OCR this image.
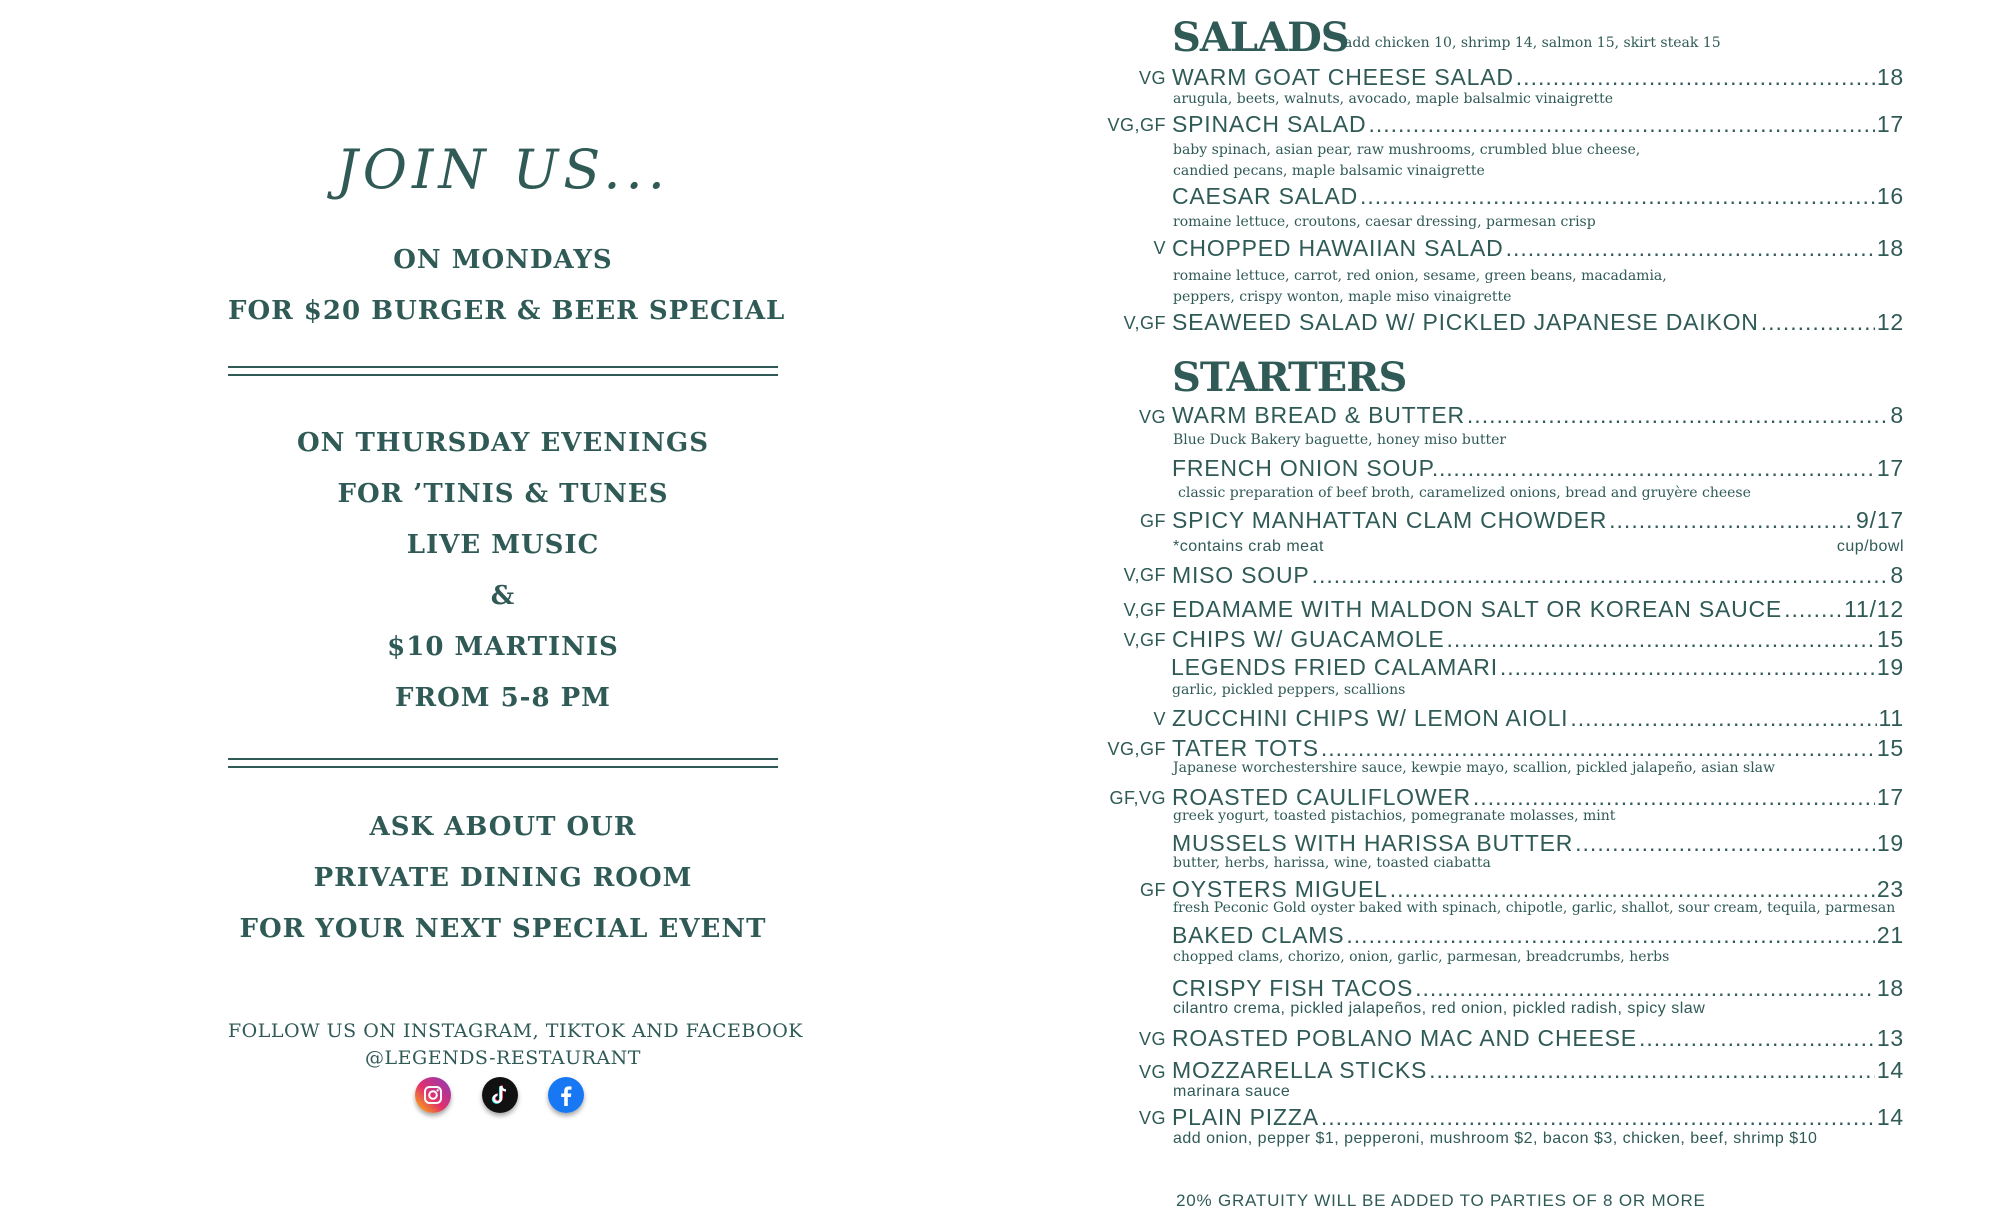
JOIN US...
ON MONDAYS
FOR $20 BURGER & BEER SPECIAL
ON THURSDAY EVENINGS
FOR ’TINIS & TUNES
LIVE MUSIC
&
$10 MARTINIS
FROM 5-8 PM
ASK ABOUT OUR
PRIVATE DINING ROOM
FOR YOUR NEXT SPECIAL EVENT
FOLLOW US ON INSTAGRAM, TIKTOK AND FACEBOOK
@LEGENDS-RESTAURANT
SALADS
add chicken 10, shrimp 14, salmon 15, skirt steak 15
VG WARM GOAT CHEESE SALAD .....	18
arugula, beets, walnuts, avocado, maple balsalmic vinaigrette
VG,GF SPINACH SALAD .....	17
baby spinach, asian pear, raw mushrooms, crumbled blue cheese,
candied pecans, maple balsamic vinaigrette
CAESAR SALAD .....	16
romaine lettuce, croutons, caesar dressing, parmesan crisp
V CHOPPED HAWAIIAN SALAD .....	18
romaine lettuce, carrot, red onion, sesame, green beans, macadamia,
peppers, crispy wonton, maple miso vinaigrette
V,GF SEAWEED SALAD W/ PICKLED JAPANESE DAIKON .....	12
STARTERS
VG WARM BREAD & BUTTER .....	8
Blue Duck Bakery baguette, honey miso butter
FRENCH ONION SOUP............ .....	17
classic preparation of beef broth, caramelized onions, bread and gruyère cheese
GF SPICY MANHATTAN CLAM CHOWDER .....	9/17
*contains crab meat	cup/bowl
V,GF MISO SOUP .....	8
V,GF EDAMAME WITH MALDON SALT OR KOREAN SAUCE .....	11/12
V,GF CHIPS W/ GUACAMOLE .....	15
LEGENDS FRIED CALAMARI .....	19
garlic, pickled peppers, scallions
V ZUCCHINI CHIPS W/ LEMON AIOLI .....	11
VG,GF TATER TOTS .....	15
Japanese worchestershire sauce, kewpie mayo, scallion, pickled jalapeño, asian slaw
GF,VG ROASTED CAULIFLOWER .....	17
greek yogurt, toasted pistachios, pomegranate molasses, mint
MUSSELS WITH HARISSA BUTTER .....	19
butter, herbs, harissa, wine, toasted ciabatta
GF OYSTERS MIGUEL .....	23
fresh Peconic Gold oyster baked with spinach, chipotle, garlic, shallot, sour cream, tequila, parmesan
BAKED CLAMS .....	21
chopped clams, chorizo, onion, garlic, parmesan, breadcrumbs, herbs
CRISPY FISH TACOS .....	18
cilantro crema, pickled jalapeños, red onion, pickled radish, spicy slaw
VG ROASTED POBLANO MAC AND CHEESE .....	13
VG MOZZARELLA STICKS .....	14
marinara sauce
VG PLAIN PIZZA .....	14
add onion, pepper $1, pepperoni, mushroom $2, bacon $3, chicken, beef, shrimp $10
20% GRATUITY WILL BE ADDED TO PARTIES OF 8 OR MORE
